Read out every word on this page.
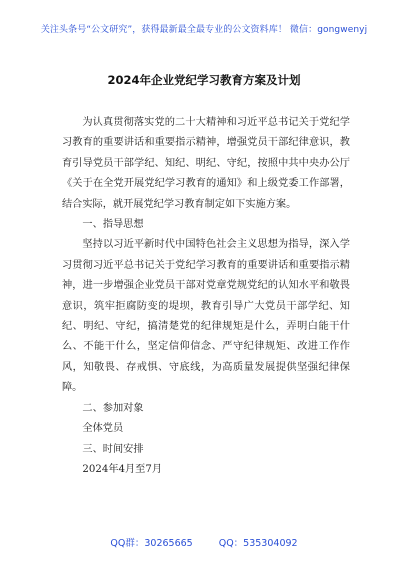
关注头条号“公文研究”，获得最新最全最专业的公文资料库！ 微信：gongwenyj
2024年企业党纪学习教育方案及计划

为认真贯彻落实党的二十大精神和习近平总书记关于党纪学习教育的重要讲话和重要指示精神，增强党员干部纪律意识，教育引导党员干部学纪、知纪、明纪、守纪，按照中共中央办公厅《关于在全党开展党纪学习教育的通知》和上级党委工作部署，结合实际，就开展党纪学习教育制定如下实施方案。

一、指导思想

坚持以习近平新时代中国特色社会主义思想为指导，深入学习贯彻习近平总书记关于党纪学习教育的重要讲话和重要指示精神，进一步增强企业党员干部对党章党规党纪的认知水平和敬畏意识，筑牢拒腐防变的堤坝，教育引导广大党员干部学纪、知纪、明纪、守纪，搞清楚党的纪律规矩是什么，弄明白能干什么、不能干什么，坚定信仰信念、严守纪律规矩、改进工作作风，知敬畏、存戒惧、守底线，为高质量发展提供坚强纪律保障。

二、参加对象

全体党员

三、时间安排

2024年4月至7月

QQ群：30265665	QQ：535304092
